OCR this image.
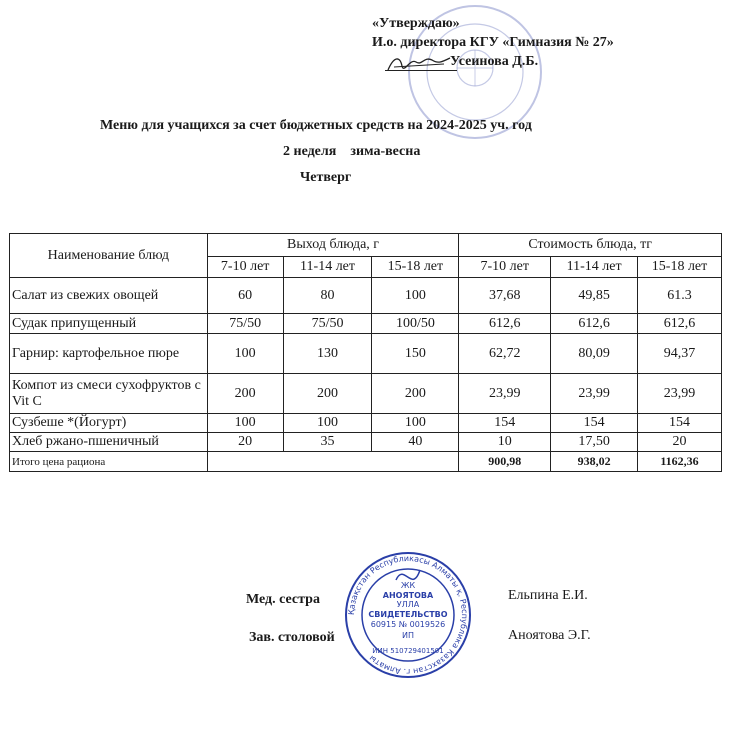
«Утверждаю»
И.о. директора КГУ «Гимназия № 27»
Усеинова Д.Б.
Меню для учащихся за счет бюджетных средств на 2024-2025 уч. год
2 неделя    зима-весна
Четверг
Наименование блюд	Выход блюда, г			Стоимость блюда, тг		
	7-10 лет	11-14 лет	15-18 лет	7-10 лет	11-14 лет	15-18 лет
Салат из свежих овощей	60	80	100	37,68	49,85	61.3
Судак припущенный	75/50	75/50	100/50	612,6	612,6	612,6
Гарнир: картофельное пюре	100	130	150	62,72	80,09	94,37
Компот из смеси сухофруктов с Vit C	200	200	200	23,99	23,99	23,99
Сузбеше *(Йогурт)	100	100	100	154	154	154
Хлеб ржано-пшеничный	20	35	40	10	17,50	20
Итого цена рациона				900,98	938,02	1162,36
Қазақстан Республикасы Алматы қ. Республика Казахстан г. Алматы
ЖК
АНОЯТОВА
УЛЛА
СВИДЕТЕЛЬСТВО
60915 № 0019526
ИП
ИИН 510729401501
Мед. сестра	Ельпина Е.И.
Зав. столовой	Аноятова Э.Г.
